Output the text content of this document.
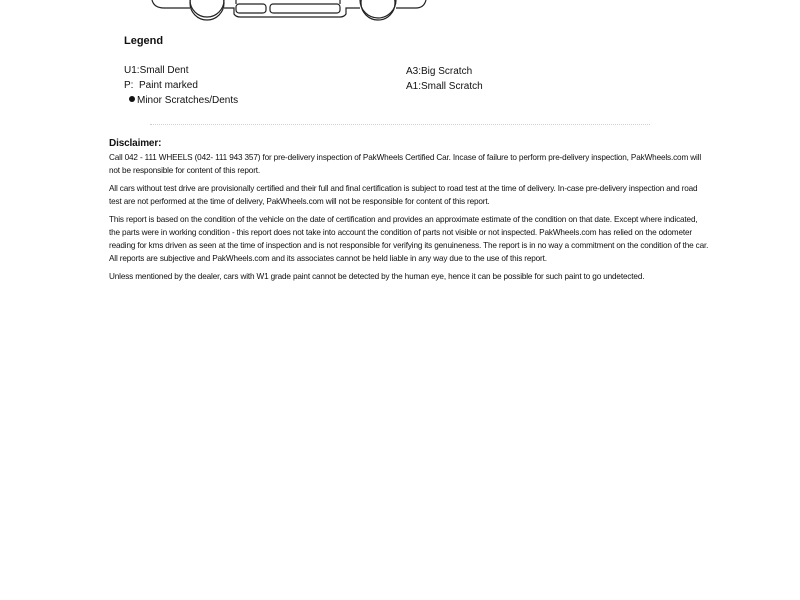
Legend
U1:Small Dent
P: Paint marked
Minor Scratches/Dents
A3:Big Scratch
A1:Small Scratch
Disclaimer:

Call 042 - 111 WHEELS (042- 111 943 357) for pre-delivery inspection of PakWheels Certified Car. Incase of failure to perform pre-delivery inspection, PakWheels.com will not be responsible for content of this report.

All cars without test drive are provisionally certified and their full and final certification is subject to road test at the time of delivery. In-case pre-delivery inspection and road test are not performed at the time of delivery, PakWheels.com will not be responsible for content of this report.

This report is based on the condition of the vehicle on the date of certification and provides an approximate estimate of the condition on that date. Except where indicated, the parts were in working condition - this report does not take into account the condition of parts not visible or not inspected. PakWheels.com has relied on the odometer reading for kms driven as seen at the time of inspection and is not responsible for verifying its genuineness. The report is in no way a commitment on the condition of the car. All reports are subjective and PakWheels.com and its associates cannot be held liable in any way due to the use of this report.

Unless mentioned by the dealer, cars with W1 grade paint cannot be detected by the human eye, hence it can be possible for such paint to go undetected.
